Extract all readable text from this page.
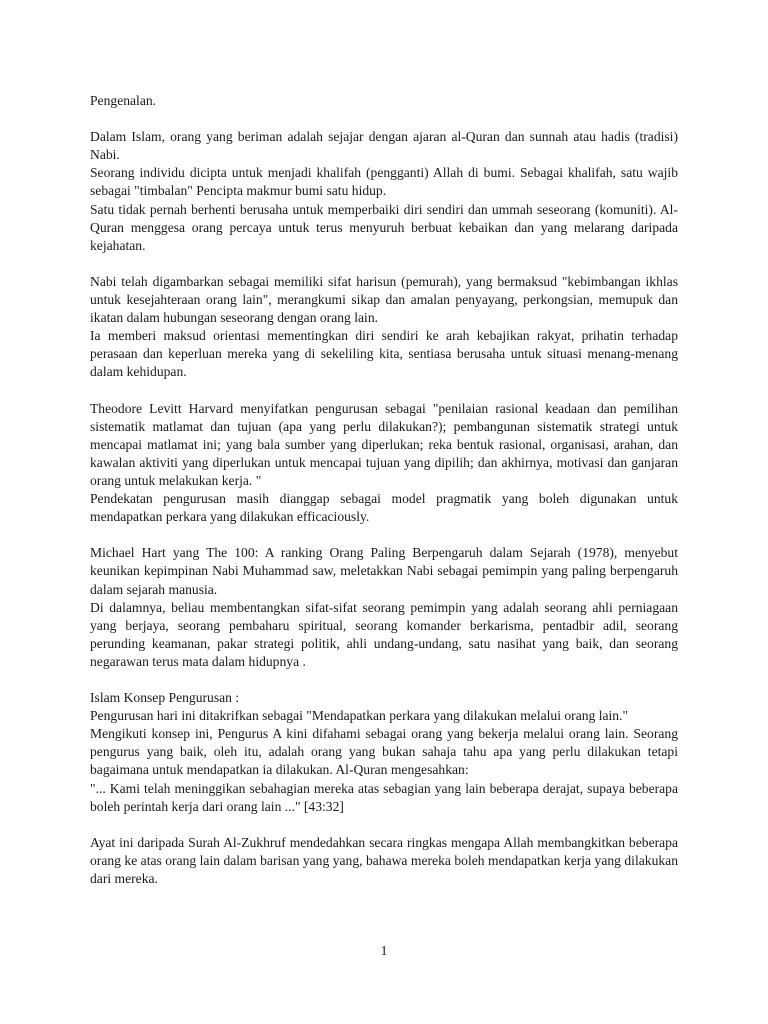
Pengenalan.

Dalam Islam, orang yang beriman adalah sejajar dengan ajaran al-Quran dan sunnah atau hadis (tradisi) Nabi.

Seorang individu dicipta untuk menjadi khalifah (pengganti) Allah di bumi. Sebagai khalifah, satu wajib sebagai "timbalan" Pencipta makmur bumi satu hidup.

Satu tidak pernah berhenti berusaha untuk memperbaiki diri sendiri dan ummah seseorang (komuniti). Al-Quran menggesa orang percaya untuk terus menyuruh berbuat kebaikan dan yang melarang daripada kejahatan.

Nabi telah digambarkan sebagai memiliki sifat harisun (pemurah), yang bermaksud "kebimbangan ikhlas untuk kesejahteraan orang lain", merangkumi sikap dan amalan penyayang, perkongsian, memupuk dan ikatan dalam hubungan seseorang dengan orang lain.

Ia memberi maksud orientasi mementingkan diri sendiri ke arah kebajikan rakyat, prihatin terhadap perasaan dan keperluan mereka yang di sekeliling kita, sentiasa berusaha untuk situasi menang-menang dalam kehidupan.

Theodore Levitt Harvard menyifatkan pengurusan sebagai "penilaian rasional keadaan dan pemilihan sistematik matlamat dan tujuan (apa yang perlu dilakukan?); pembangunan sistematik strategi untuk mencapai matlamat ini; yang bala sumber yang diperlukan; reka bentuk rasional, organisasi, arahan, dan kawalan aktiviti yang diperlukan untuk mencapai tujuan yang dipilih; dan akhirnya, motivasi dan ganjaran orang untuk melakukan kerja. "

Pendekatan pengurusan masih dianggap sebagai model pragmatik yang boleh digunakan untuk mendapatkan perkara yang dilakukan efficaciously.

Michael Hart yang The 100: A ranking Orang Paling Berpengaruh dalam Sejarah (1978), menyebut keunikan kepimpinan Nabi Muhammad saw, meletakkan Nabi sebagai pemimpin yang paling berpengaruh dalam sejarah manusia.

Di dalamnya, beliau membentangkan sifat-sifat seorang pemimpin yang adalah seorang ahli perniagaan yang berjaya, seorang pembaharu spiritual, seorang komander berkarisma, pentadbir adil, seorang perunding keamanan, pakar strategi politik, ahli undang-undang, satu nasihat yang baik, dan seorang negarawan terus mata dalam hidupnya .

Islam Konsep Pengurusan :

Pengurusan hari ini ditakrifkan sebagai "Mendapatkan perkara yang dilakukan melalui orang lain."

Mengikuti konsep ini, Pengurus A kini difahami sebagai orang yang bekerja melalui orang lain. Seorang pengurus yang baik, oleh itu, adalah orang yang bukan sahaja tahu apa yang perlu dilakukan tetapi bagaimana untuk mendapatkan ia dilakukan. Al-Quran mengesahkan:

"... Kami telah meninggikan sebahagian mereka atas sebagian yang lain beberapa derajat, supaya beberapa boleh perintah kerja dari orang lain ..." [43:32]

Ayat ini daripada Surah Al-Zukhruf mendedahkan secara ringkas mengapa Allah membangkitkan beberapa orang ke atas orang lain dalam barisan yang yang, bahawa mereka boleh mendapatkan kerja yang dilakukan dari mereka.

1
